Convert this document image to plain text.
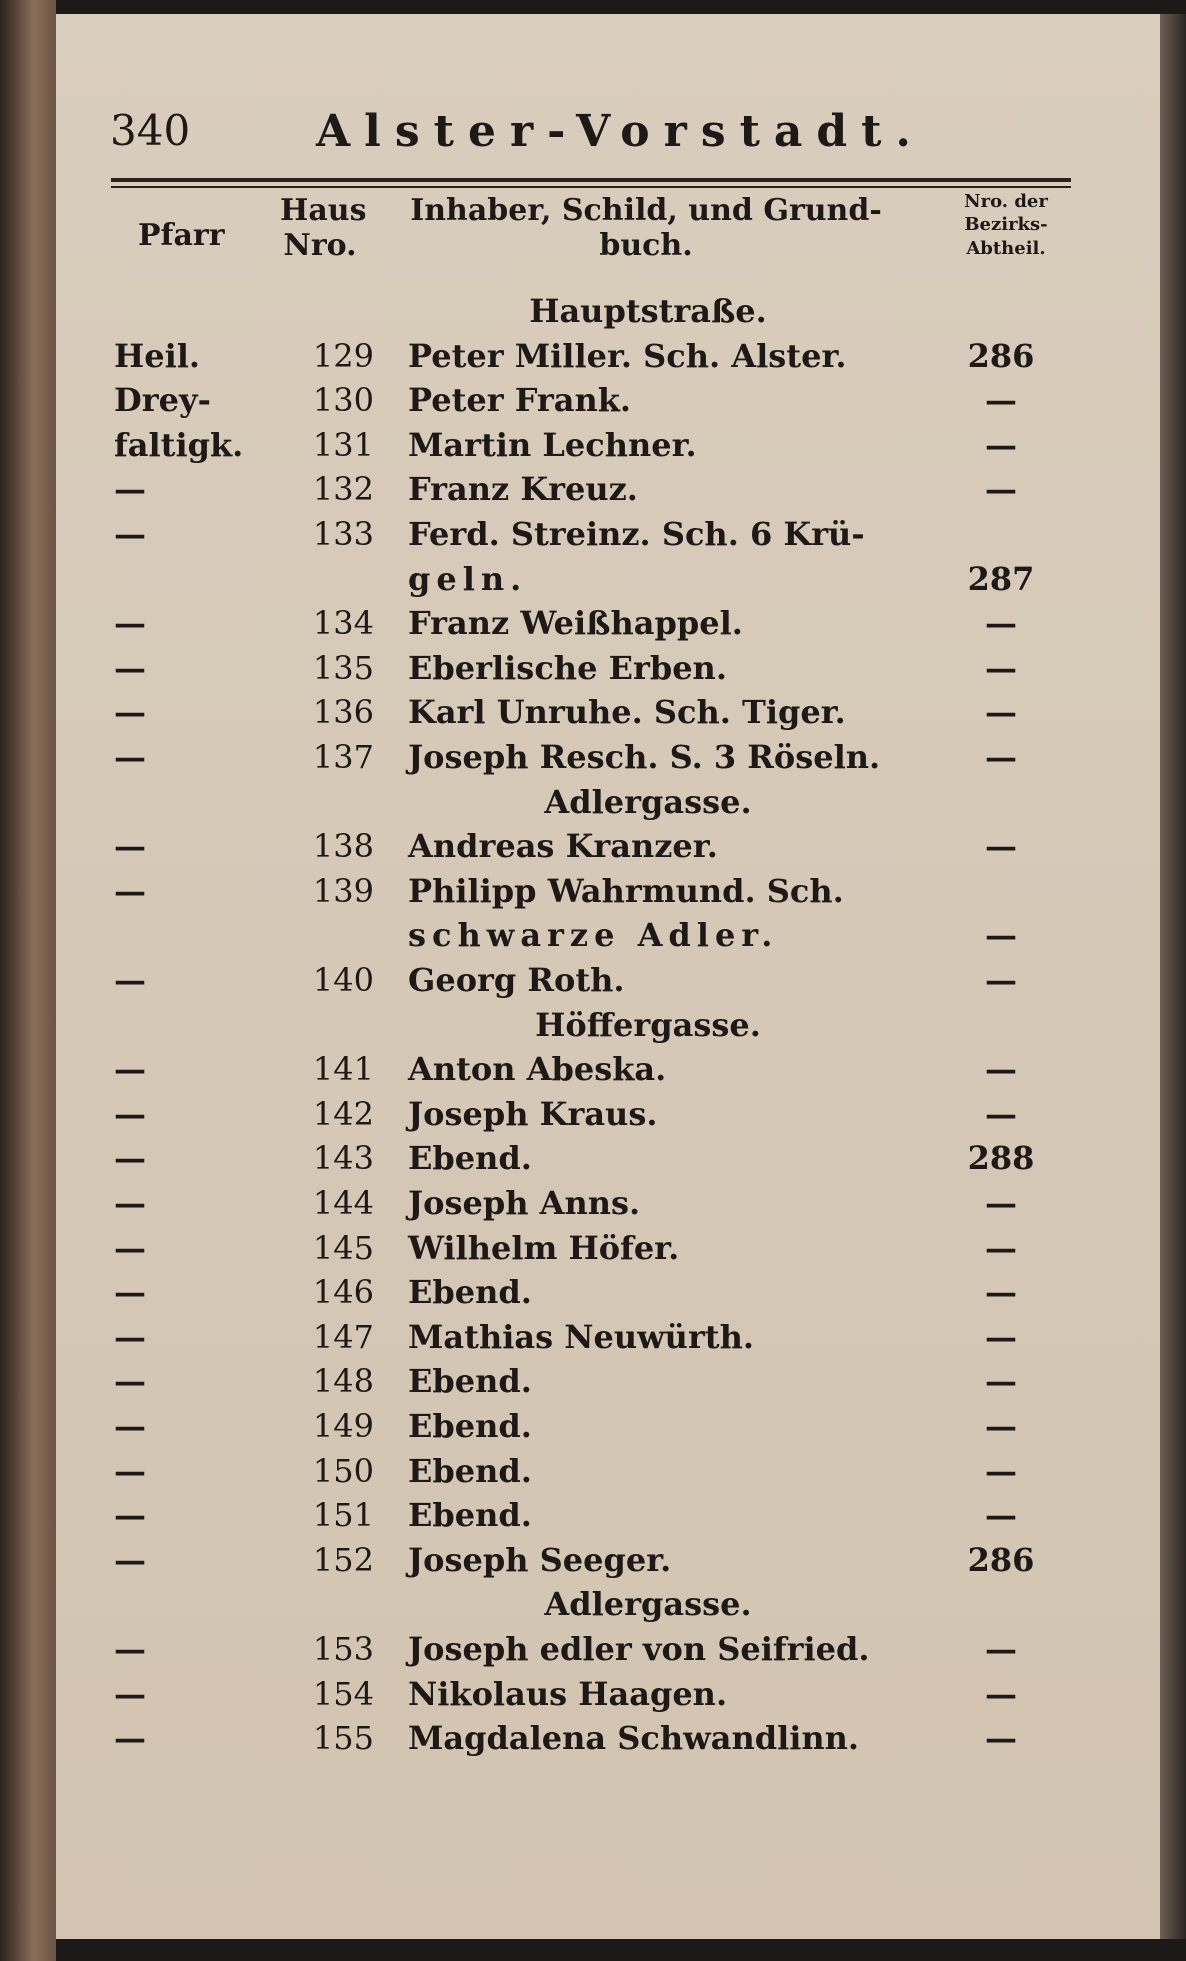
340	Alster-Vorstadt.
Pfarr
Haus Nro.
Inhaber, Schild, und Grund-buch.
Nro. der Bezirks-Abtheil.
Hauptstraße.
Heil.	129 Peter Miller. Sch. Alster.	286
Drey-	130 Peter Frank.	—
faltigk.	131 Martin Lechner.	—
—	132 Franz Kreuz.	—
—	133 Ferd. Streinz. Sch. 6 Krü-
geln.	287
—	134 Franz Weißhappel.	—
—	135 Eberlische Erben.	—
—	136 Karl Unruhe. Sch. Tiger.	—
—	137 Joseph Resch. S. 3 Röseln.	—
Adlergasse.
—	138 Andreas Kranzer.	—
—	139 Philipp Wahrmund. Sch.
schwarze Adler.	—
—	140 Georg Roth.	—
Höffergasse.
—	141 Anton Abeska.	—
—	142 Joseph Kraus.	—
—	143 Ebend.	288
—	144 Joseph Anns.	—
—	145 Wilhelm Höfer.	—
—	146 Ebend.	—
—	147 Mathias Neuwürth.	—
—	148 Ebend.	—
—	149 Ebend.	—
—	150 Ebend.	—
—	151 Ebend.	—
—	152 Joseph Seeger.	286
Adlergasse.
—	153 Joseph edler von Seifried.	—
—	154 Nikolaus Haagen.	—
—	155 Magdalena Schwandlinn.	—
